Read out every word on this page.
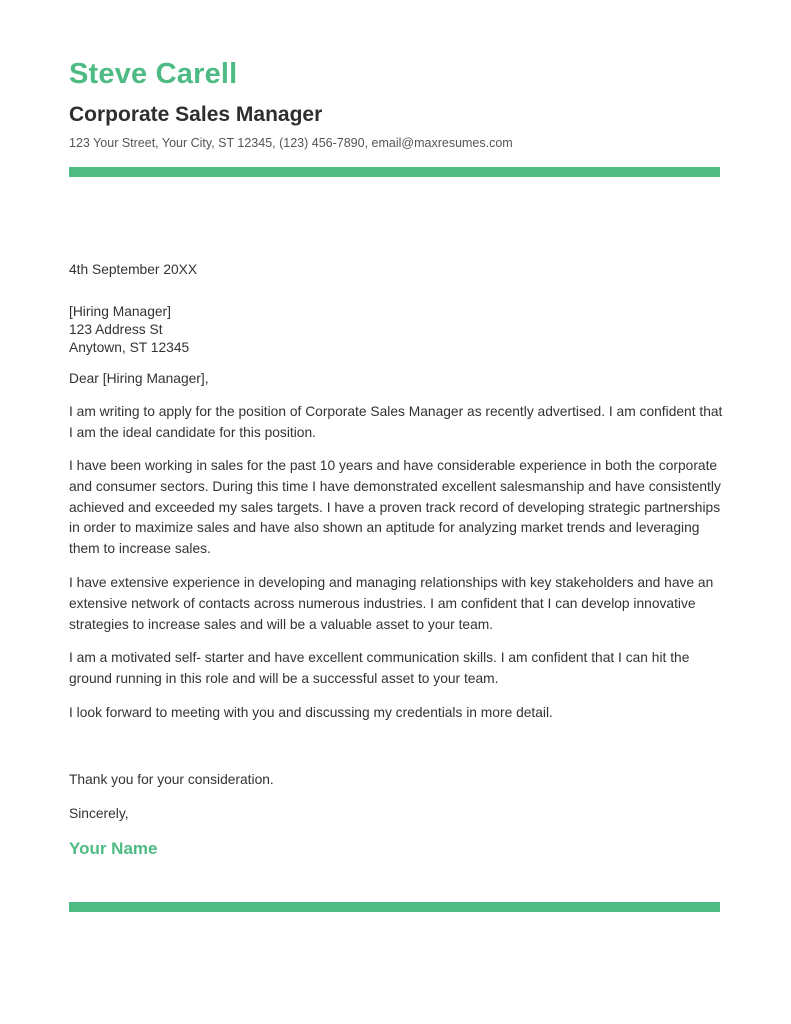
Steve Carell
Corporate Sales Manager
123 Your Street, Your City, ST 12345, (123) 456-7890, email@maxresumes.com
4th September 20XX
[Hiring Manager]
123 Address St
Anytown, ST 12345
Dear [Hiring Manager],
I am writing to apply for the position of Corporate Sales Manager as recently advertised. I am confident that I am the ideal candidate for this position.
I have been working in sales for the past 10 years and have considerable experience in both the corporate and consumer sectors. During this time I have demonstrated excellent salesmanship and have consistently achieved and exceeded my sales targets. I have a proven track record of developing strategic partnerships in order to maximize sales and have also shown an aptitude for analyzing market trends and leveraging them to increase sales.
I have extensive experience in developing and managing relationships with key stakeholders and have an extensive network of contacts across numerous industries. I am confident that I can develop innovative strategies to increase sales and will be a valuable asset to your team.
I am a motivated self- starter and have excellent communication skills. I am confident that I can hit the ground running in this role and will be a successful asset to your team.
I look forward to meeting with you and discussing my credentials in more detail.
Thank you for your consideration.
Sincerely,
Your Name
